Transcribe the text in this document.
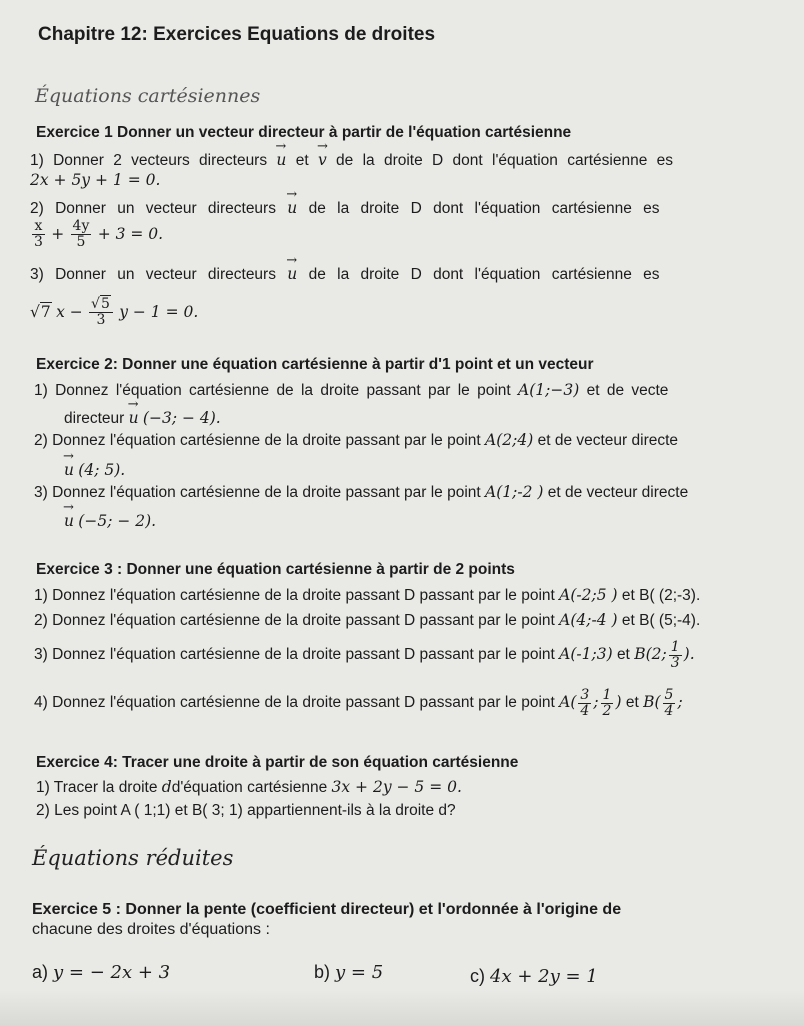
Chapitre 12: Exercices Equations de droites
Équations cartésiennes
Exercice 1 Donner un vecteur directeur à partir de l'équation cartésienne
1) Donner 2 vecteurs directeurs → u et → v de la droite D dont l'équation cartésienne es
2x + 5y + 1 = 0.
2) Donner un vecteur directeurs → u de la droite D dont l'équation cartésienne es
$\frac{x}{3} + \frac{4y}{5} + 3 = 0$.
3) Donner un vecteur directeurs → u de la droite D dont l'équation cartésienne es
√7 $x - \frac{√5}{3}$ y − 1 = 0.
Exercice 2: Donner une équation cartésienne à partir d'1 point et un vecteur
1) Donnez l'équation cartésienne de la droite passant par le point A(1;−3) et de vecte
directeur → u (−3; − 4).
2) Donnez l'équation cartésienne de la droite passant par le point A(2;4) et de vecteur directe
→ u (4; 5).
3) Donnez l'équation cartésienne de la droite passant par le point A(1;-2 ) et de vecteur directe
→ u (−5; − 2).
Exercice 3 : Donner une équation cartésienne à partir de 2 points
1) Donnez l'équation cartésienne de la droite passant D passant par le point A(-2;5 ) et B( (2;-3).
2) Donnez l'équation cartésienne de la droite passant D passant par le point A(4;-4 ) et B( (5;-4).
3) Donnez l'équation cartésienne de la droite passant D passant par le point A(-1;3) et B(2; $\frac{1}{3}$ ).
4) Donnez l'équation cartésienne de la droite passant D passant par le point $A( \frac{3}{4}$ ; $\frac{1}{2}$ ) et $B( \frac{5}{4}$ ;
Exercice 4: Tracer une droite à partir de son équation cartésienne
1) Tracer la droite dd'équation cartésienne 3x + 2y − 5 = 0.
2) Les point A ( 1;1) et B( 3; 1) appartiennent-ils à la droite d?
Équations réduites
Exercice 5 : Donner la pente (coefficient directeur) et l'ordonnée à l'origine de
chacune des droites d'équations :
a) y = − 2x + 3	b) y = 5	c) 4x + 2y = 1
